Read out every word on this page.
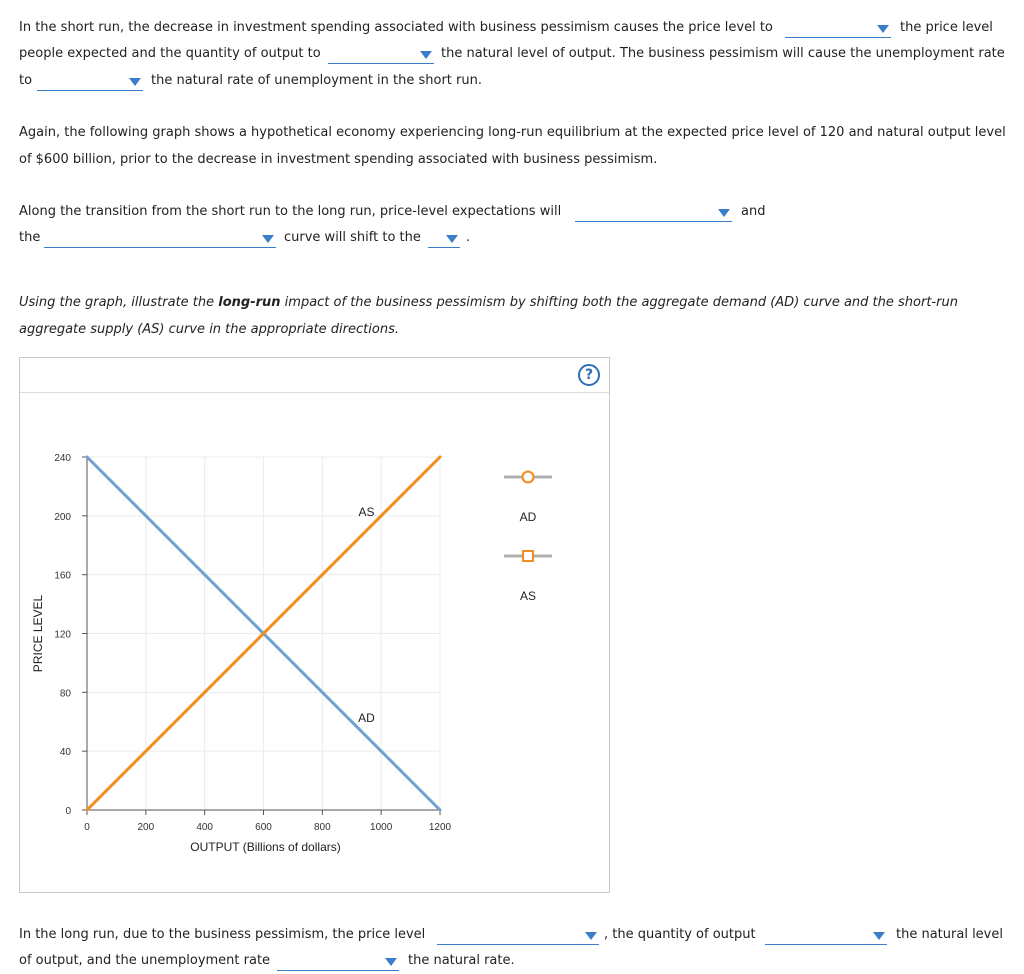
In the short run, the decrease in investment spending associated with business pessimism causes the price level to	the price level
people expected and the quantity of output to	the natural level of output. The business pessimism will cause the unemployment rate
to	the natural rate of unemployment in the short run.
Again, the following graph shows a hypothetical economy experiencing long-run equilibrium at the expected price level of 120 and natural output level
of $600 billion, prior to the decrease in investment spending associated with business pessimism.
Along the transition from the short run to the long run, price-level expectations will	and
the	curve will shift to the	.
Using the graph, illustrate the long-run impact of the business pessimism by shifting both the aggregate demand (AD) curve and the short-run
aggregate supply (AS) curve in the appropriate directions.
?
0	200	400	600	800	1000	1200
0
40
80
120
160
200
240
OUTPUT (Billions of dollars)
PRICE LEVEL
AD
AS	AD
AS
In the long run, due to the business pessimism, the price level	, the quantity of output	the natural level
of output, and the unemployment rate	the natural rate.
